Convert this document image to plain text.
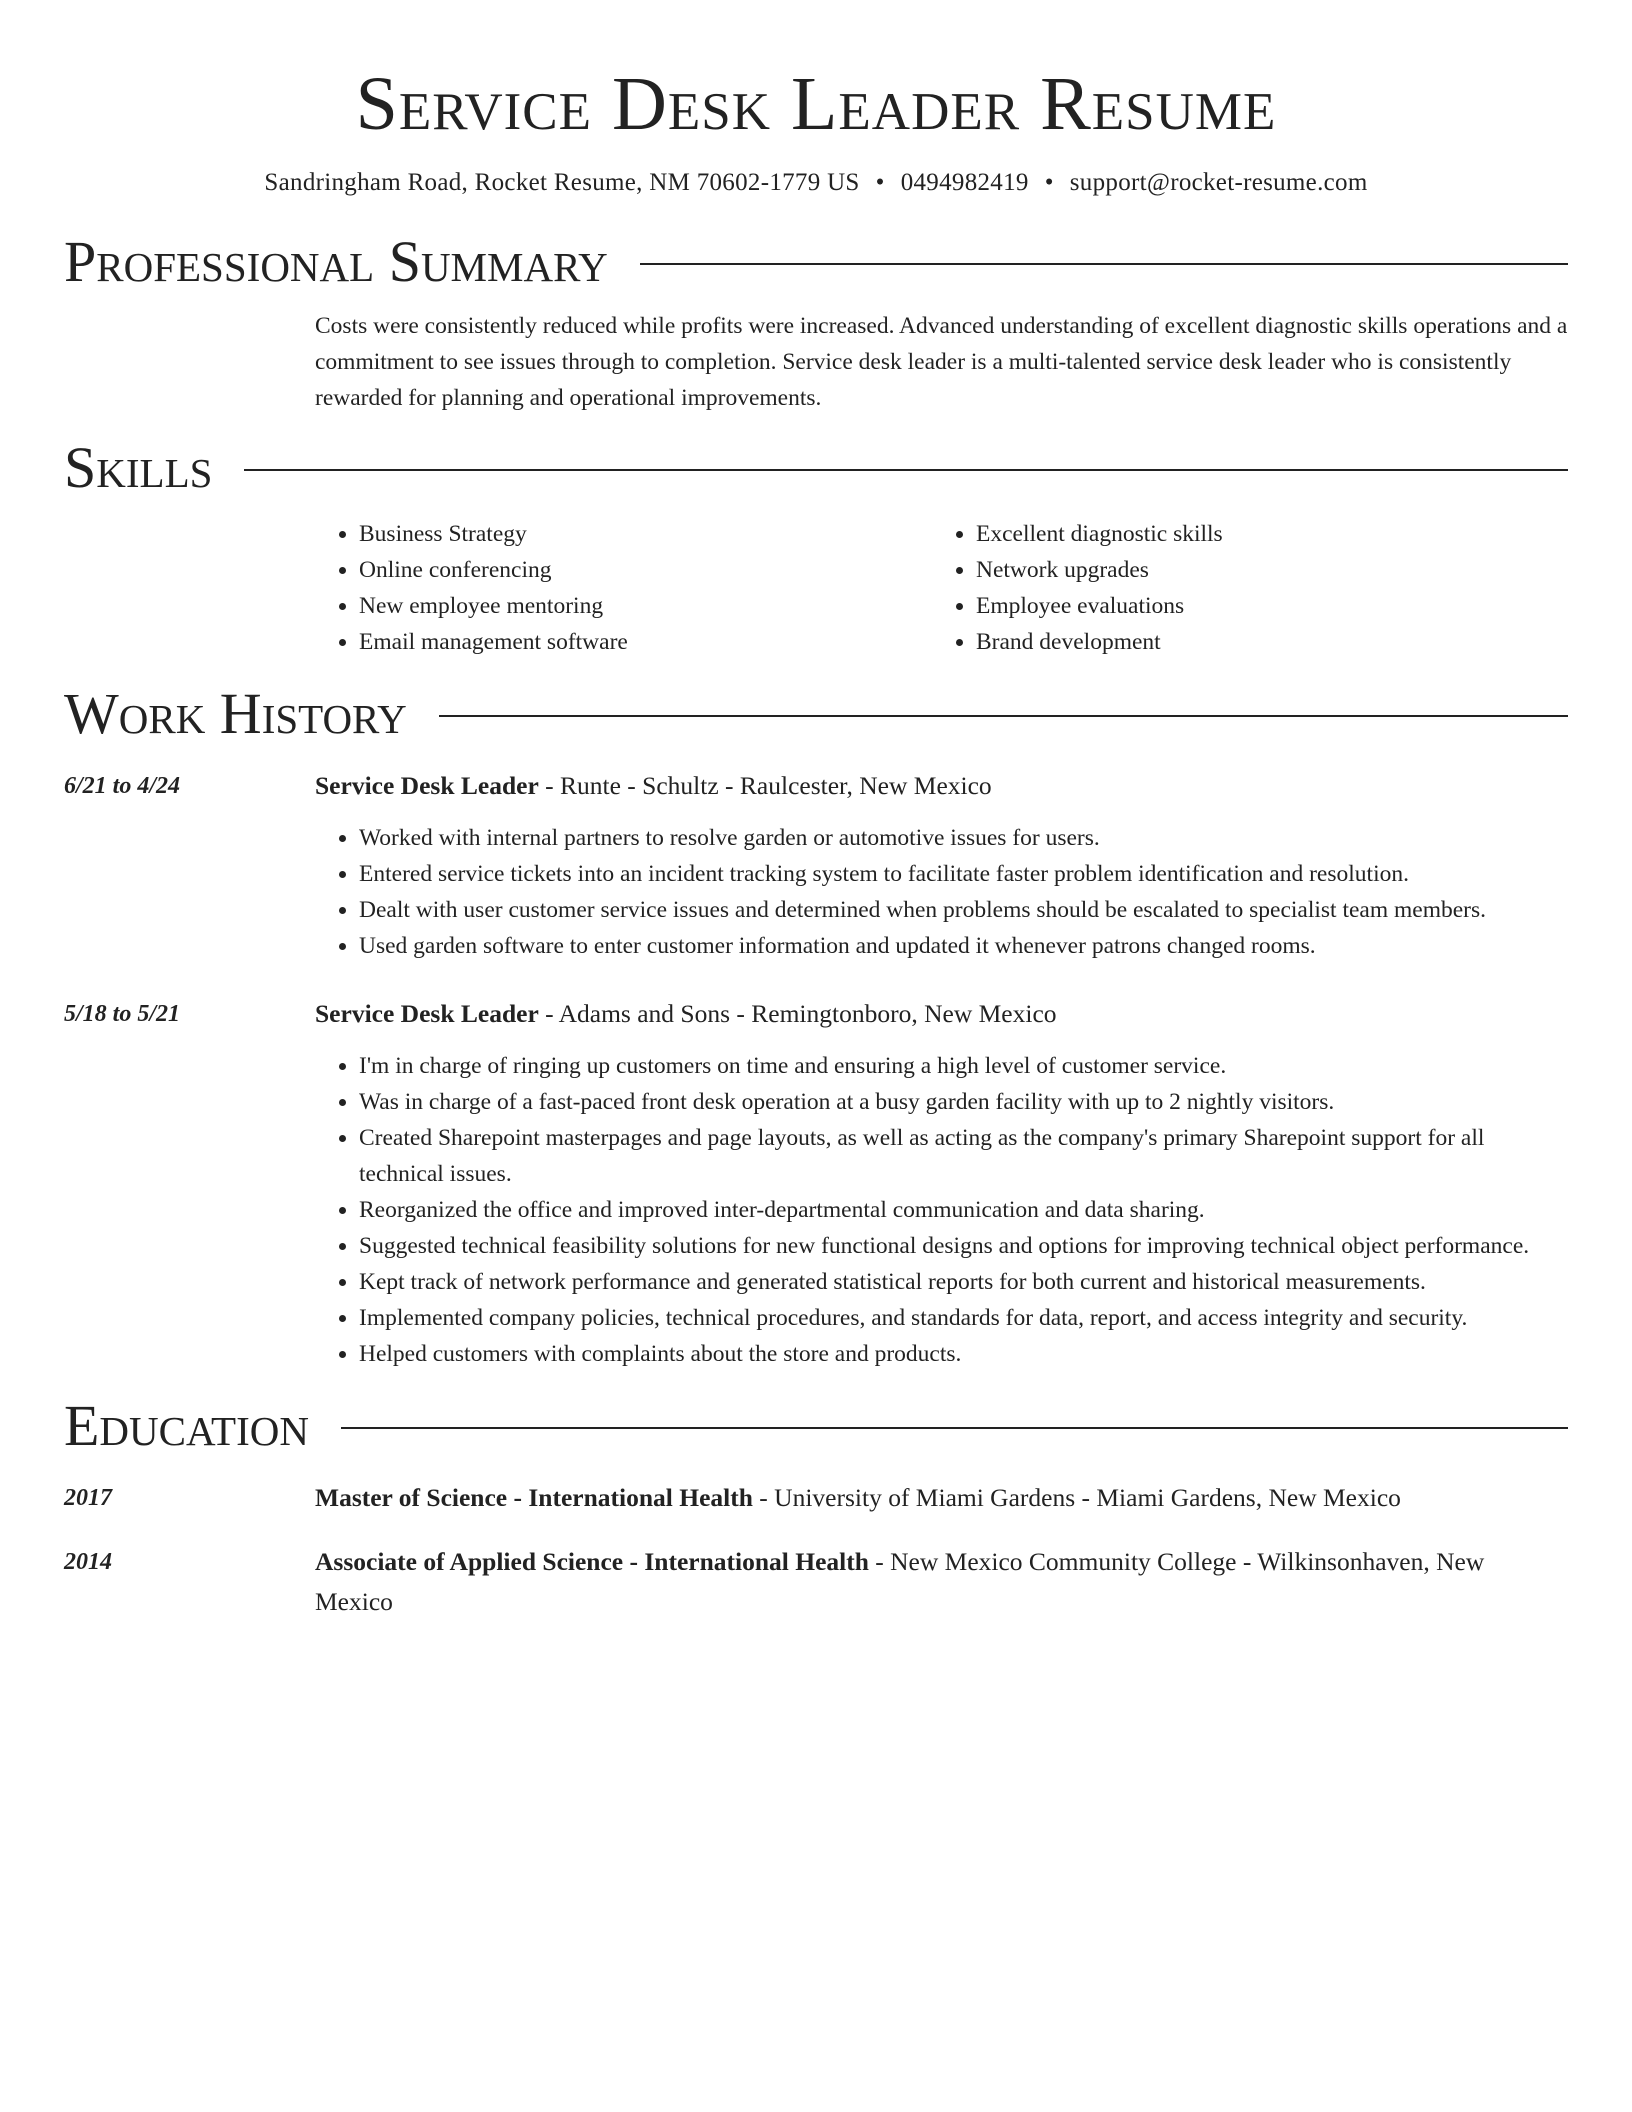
Service Desk Leader Resume
Sandringham Road, Rocket Resume, NM 70602-1779 US • 0494982419 • support@rocket-resume.com
Professional Summary

Costs were consistently reduced while profits were increased. Advanced understanding of excellent diagnostic skills operations and a commitment to see issues through to completion. Service desk leader is a multi-talented service desk leader who is consistently rewarded for planning and operational improvements.

Skills
• Business Strategy
• Online conferencing
• New employee mentoring
• Email management software
• Excellent diagnostic skills
• Network upgrades
• Employee evaluations
• Brand development
Work History
6/21 to 4/24	Service Desk Leader - Runte - Schultz - Raulcester, New Mexico
• Worked with internal partners to resolve garden or automotive issues for users.
• Entered service tickets into an incident tracking system to facilitate faster problem identification and resolution.
• Dealt with user customer service issues and determined when problems should be escalated to specialist team members.
• Used garden software to enter customer information and updated it whenever patrons changed rooms.
5/18 to 5/21	Service Desk Leader - Adams and Sons - Remingtonboro, New Mexico
• I'm in charge of ringing up customers on time and ensuring a high level of customer service.
• Was in charge of a fast-paced front desk operation at a busy garden facility with up to 2 nightly visitors.
• Created Sharepoint masterpages and page layouts, as well as acting as the company's primary Sharepoint support for all technical issues.
• Reorganized the office and improved inter-departmental communication and data sharing.
• Suggested technical feasibility solutions for new functional designs and options for improving technical object performance.
• Kept track of network performance and generated statistical reports for both current and historical measurements.
• Implemented company policies, technical procedures, and standards for data, report, and access integrity and security.
• Helped customers with complaints about the store and products.
Education
2017	Master of Science - International Health - University of Miami Gardens - Miami Gardens, New Mexico
2014	Associate of Applied Science - International Health - New Mexico Community College - Wilkinsonhaven, New Mexico
